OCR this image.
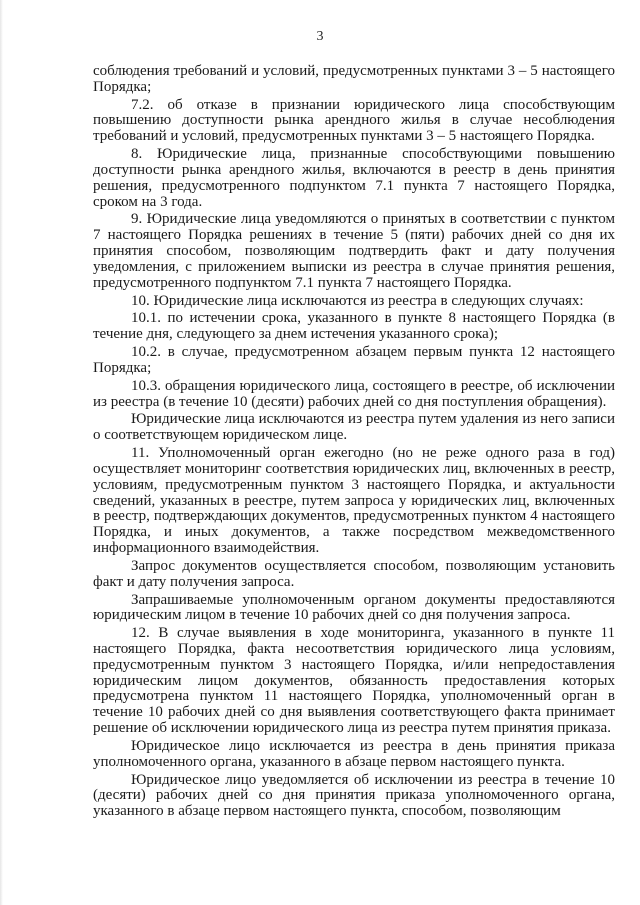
3

соблюдения требований и условий, предусмотренных пунктами 3 – 5 настоящего Порядка;

7.2. об отказе в признании юридического лица способствующим повышению доступности рынка арендного жилья в случае несоблюдения требований и условий, предусмотренных пунктами 3 – 5 настоящего Порядка.

8. Юридические лица, признанные способствующими повышению доступности рынка арендного жилья, включаются в реестр в день принятия решения, предусмотренного подпунктом 7.1 пункта 7 настоящего Порядка, сроком на 3 года.

9. Юридические лица уведомляются о принятых в соответствии с пунктом 7 настоящего Порядка решениях в течение 5 (пяти) рабочих дней со дня их принятия способом, позволяющим подтвердить факт и дату получения уведомления, с приложением выписки из реестра в случае принятия решения, предусмотренного подпунктом 7.1 пункта 7 настоящего Порядка.

10. Юридические лица исключаются из реестра в следующих случаях:

10.1. по истечении срока, указанного в пункте 8 настоящего Порядка (в течение дня, следующего за днем истечения указанного срока);

10.2. в случае, предусмотренном абзацем первым пункта 12 настоящего Порядка;

10.3. обращения юридического лица, состоящего в реестре, об исключении из реестра (в течение 10 (десяти) рабочих дней со дня поступления обращения).

Юридические лица исключаются из реестра путем удаления из него записи о соответствующем юридическом лице.

11. Уполномоченный орган ежегодно (но не реже одного раза в год) осуществляет мониторинг соответствия юридических лиц, включенных в реестр, условиям, предусмотренным пунктом 3 настоящего Порядка, и актуальности сведений, указанных в реестре, путем запроса у юридических лиц, включенных в реестр, подтверждающих документов, предусмотренных пунктом 4 настоящего Порядка, и иных документов, а также посредством межведомственного информационного взаимодействия.

Запрос документов осуществляется способом, позволяющим установить факт и дату получения запроса.

Запрашиваемые уполномоченным органом документы предоставляются юридическим лицом в течение 10 рабочих дней со дня получения запроса.

12. В случае выявления в ходе мониторинга, указанного в пункте 11 настоящего Порядка, факта несоответствия юридического лица условиям, предусмотренным пунктом 3 настоящего Порядка, и/или непредоставления юридическим лицом документов, обязанность предоставления которых предусмотрена пунктом 11 настоящего Порядка, уполномоченный орган в течение 10 рабочих дней со дня выявления соответствующего факта принимает решение об исключении юридического лица из реестра путем принятия приказа.

Юридическое лицо исключается из реестра в день принятия приказа уполномоченного органа, указанного в абзаце первом настоящего пункта.

Юридическое лицо уведомляется об исключении из реестра в течение 10 (десяти) рабочих дней со дня принятия приказа уполномоченного органа, указанного в абзаце первом настоящего пункта, способом, позволяющим
